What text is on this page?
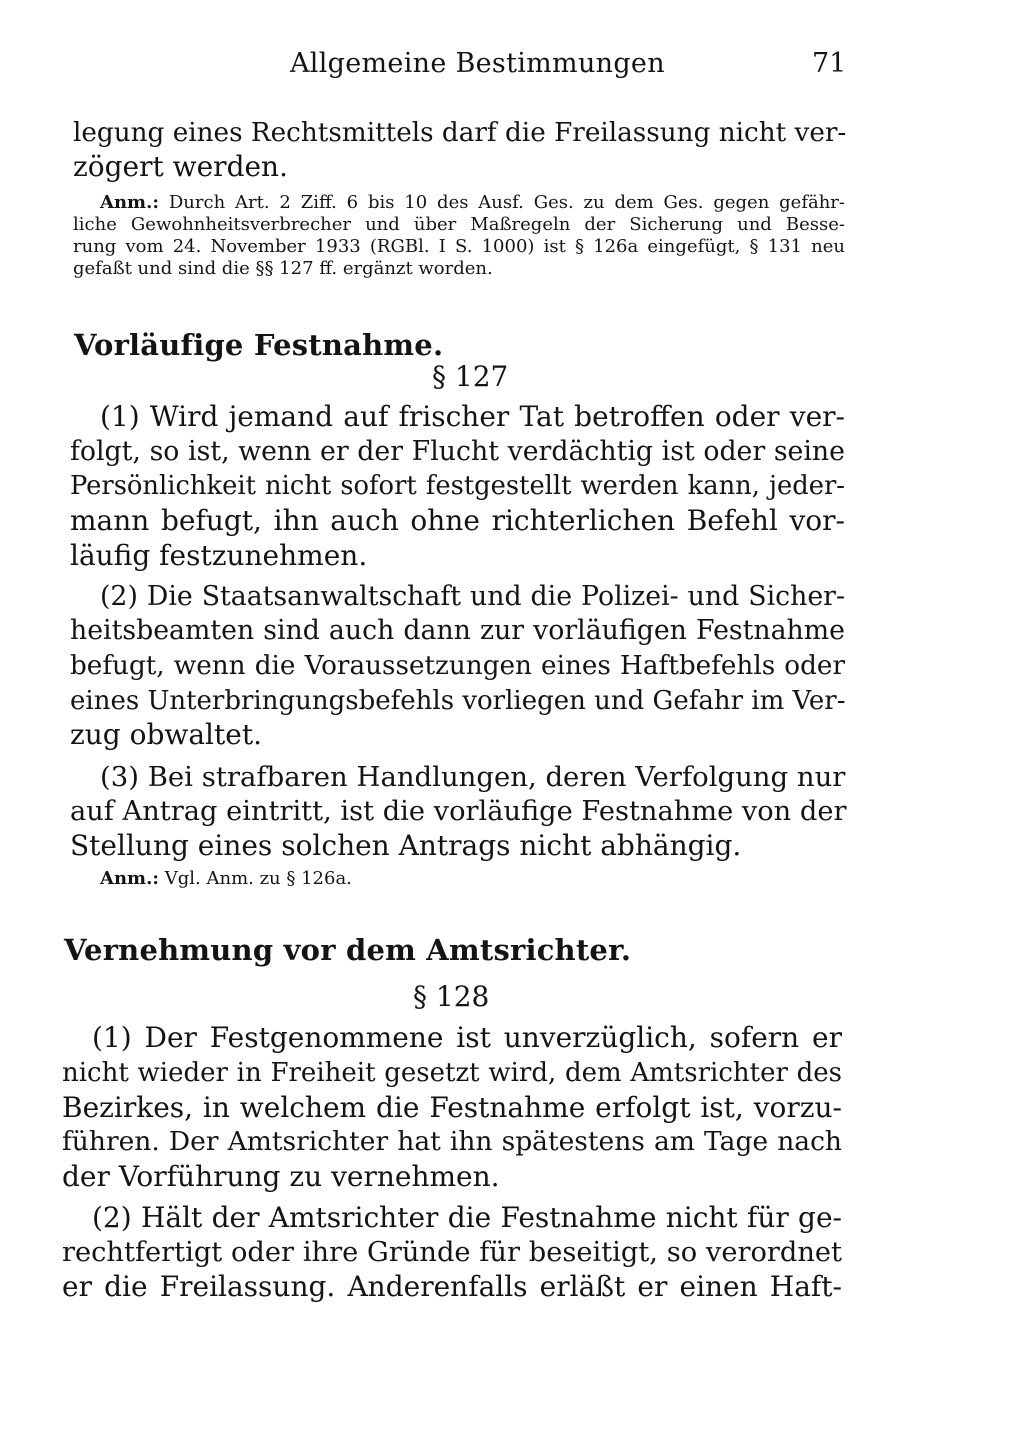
Allgemeine Bestimmungen	71
legung eines Rechtsmittels darf die Freilassung nicht ver-
zögert werden.
Anm.: Durch Art. 2 Ziff. 6 bis 10 des Ausf. Ges. zu dem Ges. gegen gefähr-
liche Gewohnheitsverbrecher und über Maßregeln der Sicherung und Besse-
rung vom 24. November 1933 (RGBl. I S. 1000) ist § 126a eingefügt, § 131 neu
gefaßt und sind die §§ 127 ff. ergänzt worden.
Vorläufige Festnahme.
§ 127
(1) Wird jemand auf frischer Tat betroffen oder ver-
folgt, so ist, wenn er der Flucht verdächtig ist oder seine
Persönlichkeit nicht sofort festgestellt werden kann, jeder-
mann befugt, ihn auch ohne richterlichen Befehl vor-
läufig festzunehmen.
(2) Die Staatsanwaltschaft und die Polizei- und Sicher-
heitsbeamten sind auch dann zur vorläufigen Festnahme
befugt, wenn die Voraussetzungen eines Haftbefehls oder
eines Unterbringungsbefehls vorliegen und Gefahr im Ver-
zug obwaltet.
(3) Bei strafbaren Handlungen, deren Verfolgung nur
auf Antrag eintritt, ist die vorläufige Festnahme von der
Stellung eines solchen Antrags nicht abhängig.
Anm.: Vgl. Anm. zu § 126a.
Vernehmung vor dem Amtsrichter.
§ 128
(1) Der Festgenommene ist unverzüglich, sofern er
nicht wieder in Freiheit gesetzt wird, dem Amtsrichter des
Bezirkes, in welchem die Festnahme erfolgt ist, vorzu-
führen. Der Amtsrichter hat ihn spätestens am Tage nach
der Vorführung zu vernehmen.
(2) Hält der Amtsrichter die Festnahme nicht für ge-
rechtfertigt oder ihre Gründe für beseitigt, so verordnet
er die Freilassung. Anderenfalls erläßt er einen Haft-
